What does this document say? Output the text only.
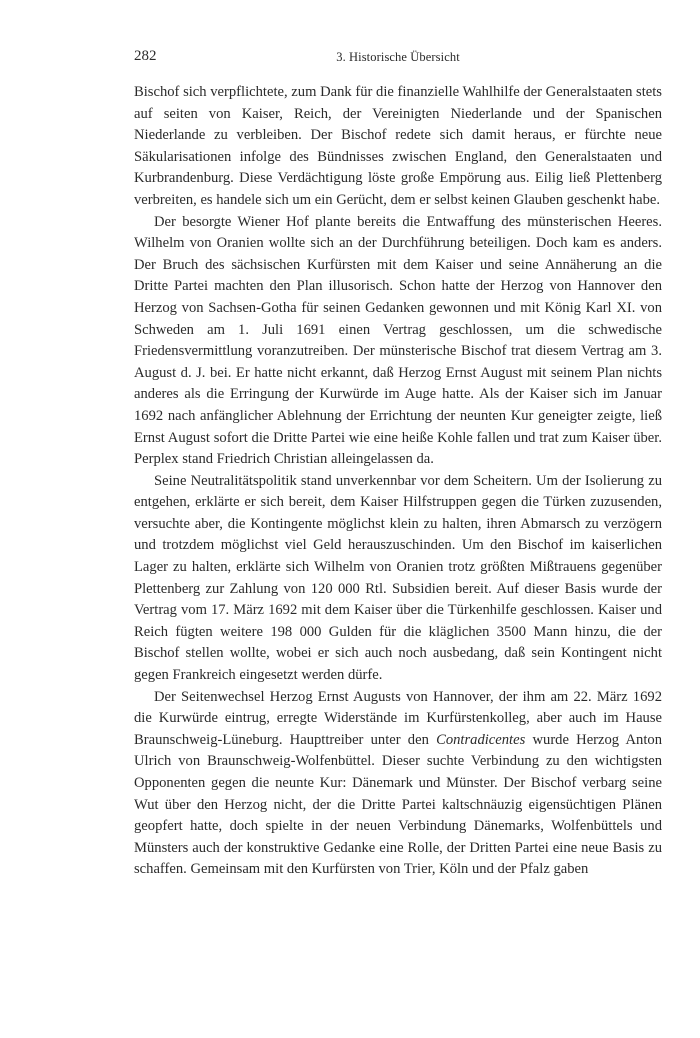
282	3. Historische Übersicht

Bischof sich verpflichtete, zum Dank für die finanzielle Wahlhilfe der Generalstaaten stets auf seiten von Kaiser, Reich, der Vereinigten Niederlande und der Spanischen Niederlande zu verbleiben. Der Bischof redete sich damit heraus, er fürchte neue Säkularisationen infolge des Bündnisses zwischen England, den Generalstaaten und Kurbrandenburg. Diese Verdächtigung löste große Empörung aus. Eilig ließ Plettenberg verbreiten, es handele sich um ein Gerücht, dem er selbst keinen Glauben geschenkt habe.

Der besorgte Wiener Hof plante bereits die Entwaffung des münsterischen Heeres. Wilhelm von Oranien wollte sich an der Durchführung beteiligen. Doch kam es anders. Der Bruch des sächsischen Kurfürsten mit dem Kaiser und seine Annäherung an die Dritte Partei machten den Plan illusorisch. Schon hatte der Herzog von Hannover den Herzog von Sachsen-Gotha für seinen Gedanken gewonnen und mit König Karl XI. von Schweden am 1. Juli 1691 einen Vertrag geschlossen, um die schwedische Friedensvermittlung voranzutreiben. Der münsterische Bischof trat diesem Vertrag am 3. August d. J. bei. Er hatte nicht erkannt, daß Herzog Ernst August mit seinem Plan nichts anderes als die Erringung der Kurwürde im Auge hatte. Als der Kaiser sich im Januar 1692 nach anfänglicher Ablehnung der Errichtung der neunten Kur geneigter zeigte, ließ Ernst August sofort die Dritte Partei wie eine heiße Kohle fallen und trat zum Kaiser über. Perplex stand Friedrich Christian alleingelassen da.

Seine Neutralitätspolitik stand unverkennbar vor dem Scheitern. Um der Isolierung zu entgehen, erklärte er sich bereit, dem Kaiser Hilfstruppen gegen die Türken zuzusenden, versuchte aber, die Kontingente möglichst klein zu halten, ihren Abmarsch zu verzögern und trotzdem möglichst viel Geld herauszuschinden. Um den Bischof im kaiserlichen Lager zu halten, erklärte sich Wilhelm von Oranien trotz größten Mißtrauens gegenüber Plettenberg zur Zahlung von 120 000 Rtl. Subsidien bereit. Auf dieser Basis wurde der Vertrag vom 17. März 1692 mit dem Kaiser über die Türkenhilfe geschlossen. Kaiser und Reich fügten weitere 198 000 Gulden für die kläglichen 3500 Mann hinzu, die der Bischof stellen wollte, wobei er sich auch noch ausbedang, daß sein Kontingent nicht gegen Frankreich eingesetzt werden dürfe.

Der Seitenwechsel Herzog Ernst Augusts von Hannover, der ihm am 22. März 1692 die Kurwürde eintrug, erregte Widerstände im Kurfürstenkolleg, aber auch im Hause Braunschweig-Lüneburg. Haupttreiber unter den Contradicentes wurde Herzog Anton Ulrich von Braunschweig-Wolfenbüttel. Dieser suchte Verbindung zu den wichtigsten Opponenten gegen die neunte Kur: Dänemark und Münster. Der Bischof verbarg seine Wut über den Herzog nicht, der die Dritte Partei kaltschnäuzig eigensüchtigen Plänen geopfert hatte, doch spielte in der neuen Verbindung Dänemarks, Wolfenbüttels und Münsters auch der konstruktive Gedanke eine Rolle, der Dritten Partei eine neue Basis zu schaffen. Gemeinsam mit den Kurfürsten von Trier, Köln und der Pfalz gaben
